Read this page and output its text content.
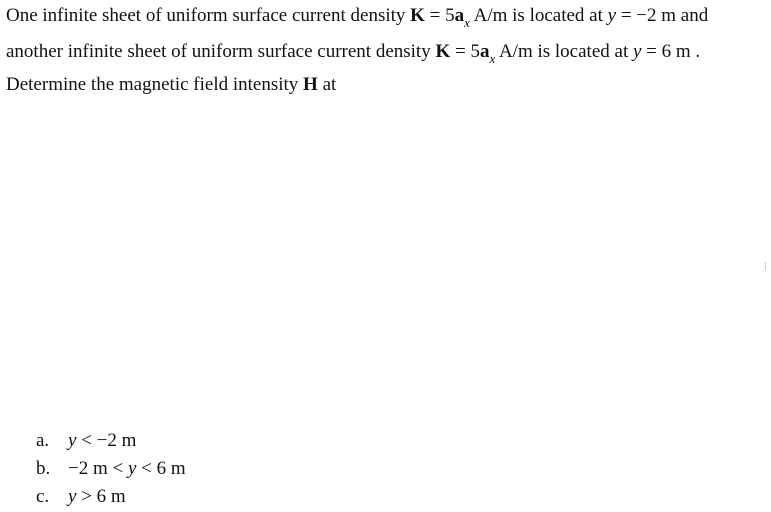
One infinite sheet of uniform surface current density $K = 5a_x$ A/m is located at y = −2 m and
another infinite sheet of uniform surface current density $K = 5a_x$ A/m is located at y = 6 m .
Determine the magnetic field intensity H at
a. y < −2 m
b. −2 m < y < 6 m
c. y > 6 m
